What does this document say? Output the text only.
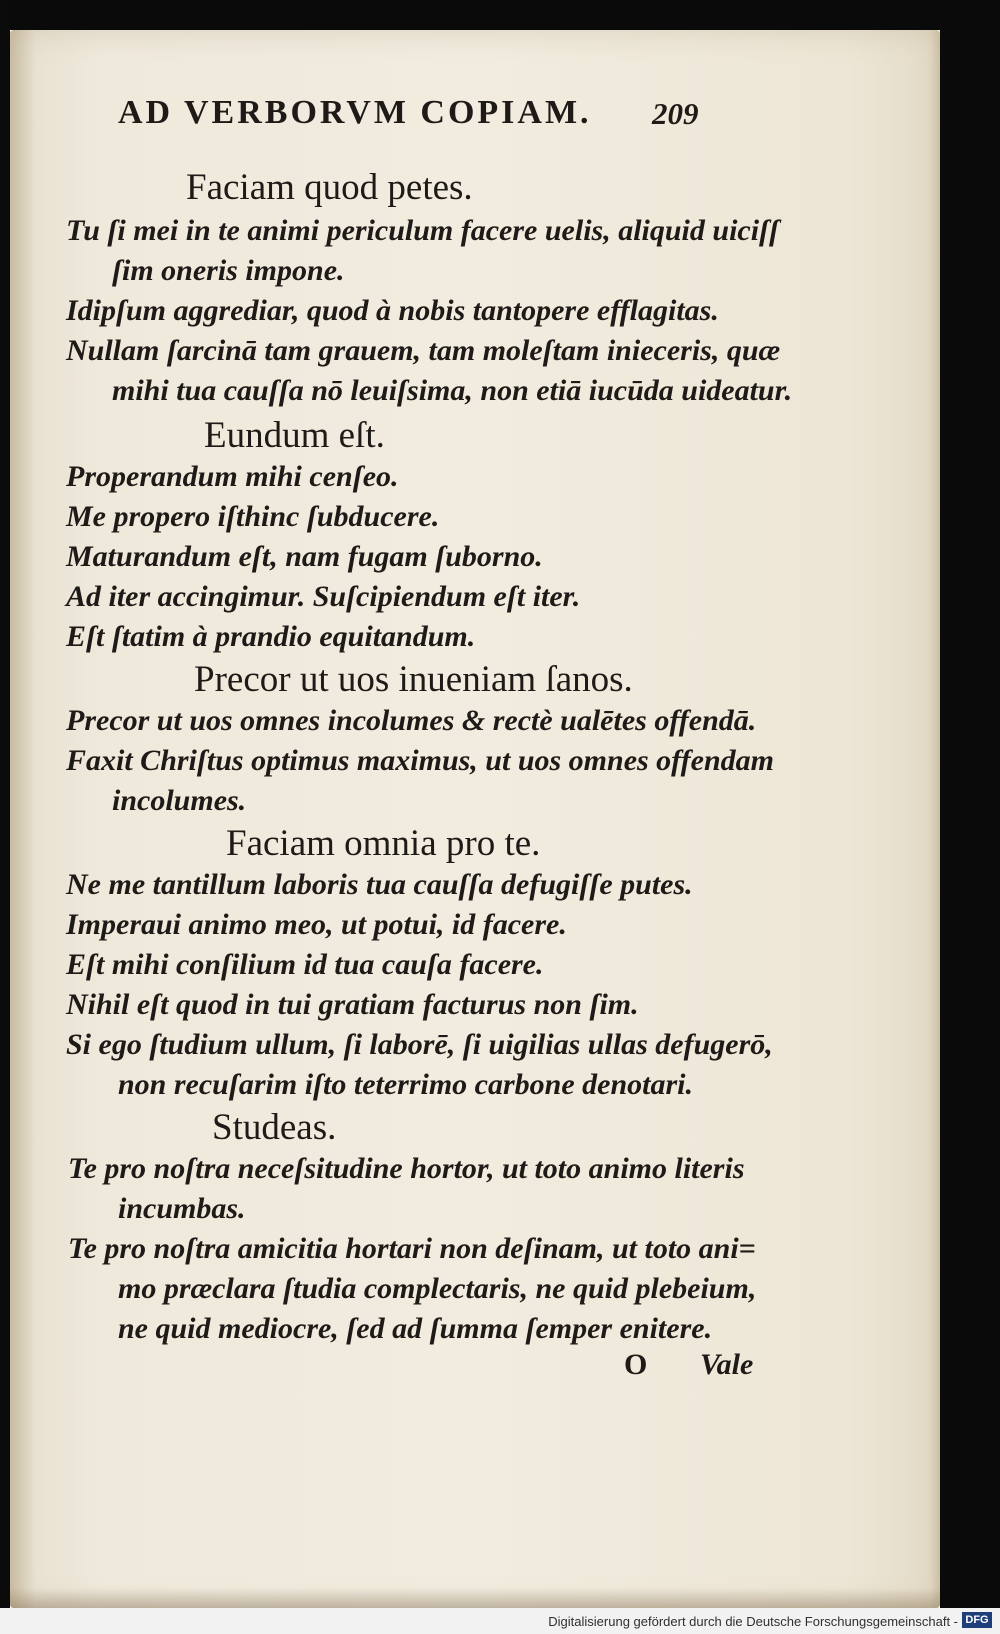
AD VERBORVM COPIAM. 209
Faciam quod petes.
Tu ſi mei in te animi periculum facere uelis, aliquid uiciſſ
ſim oneris impone.
Idipſum aggrediar, quod à nobis tantopere efflagitas.
Nullam ſarcinā tam grauem, tam moleſtam inieceris, quæ
mihi tua cauſſa nō leuiſsima, non etiā iucūda uideatur.
Eundum eſt.
Properandum mihi cenſeo.
Me propero iſthinc ſubducere.
Maturandum eſt, nam fugam ſuborno.
Ad iter accingimur. Suſcipiendum eſt iter.
Eſt ſtatim à prandio equitandum.
Precor ut uos inueniam ſanos.
Precor ut uos omnes incolumes & rectè ualētes offendā.
Faxit Chriſtus optimus maximus, ut uos omnes offendam
incolumes.
Faciam omnia pro te.
Ne me tantillum laboris tua cauſſa defugiſſe putes.
Imperaui animo meo, ut potui, id facere.
Eſt mihi conſilium id tua cauſa facere.
Nihil eſt quod in tui gratiam facturus non ſim.
Si ego ſtudium ullum, ſi laborē, ſi uigilias ullas defugerō,
non recuſarim iſto teterrimo carbone denotari.
Studeas.
Te pro noſtra neceſsitudine hortor, ut toto animo literis
incumbas.
Te pro noſtra amicitia hortari non deſinam, ut toto ani=
mo præclara ſtudia complectaris, ne quid plebeium,
ne quid mediocre, ſed ad ſumma ſemper enitere.
O Vale
Digitalisierung gefördert durch die Deutsche Forschungsgemeinschaft - DFG
